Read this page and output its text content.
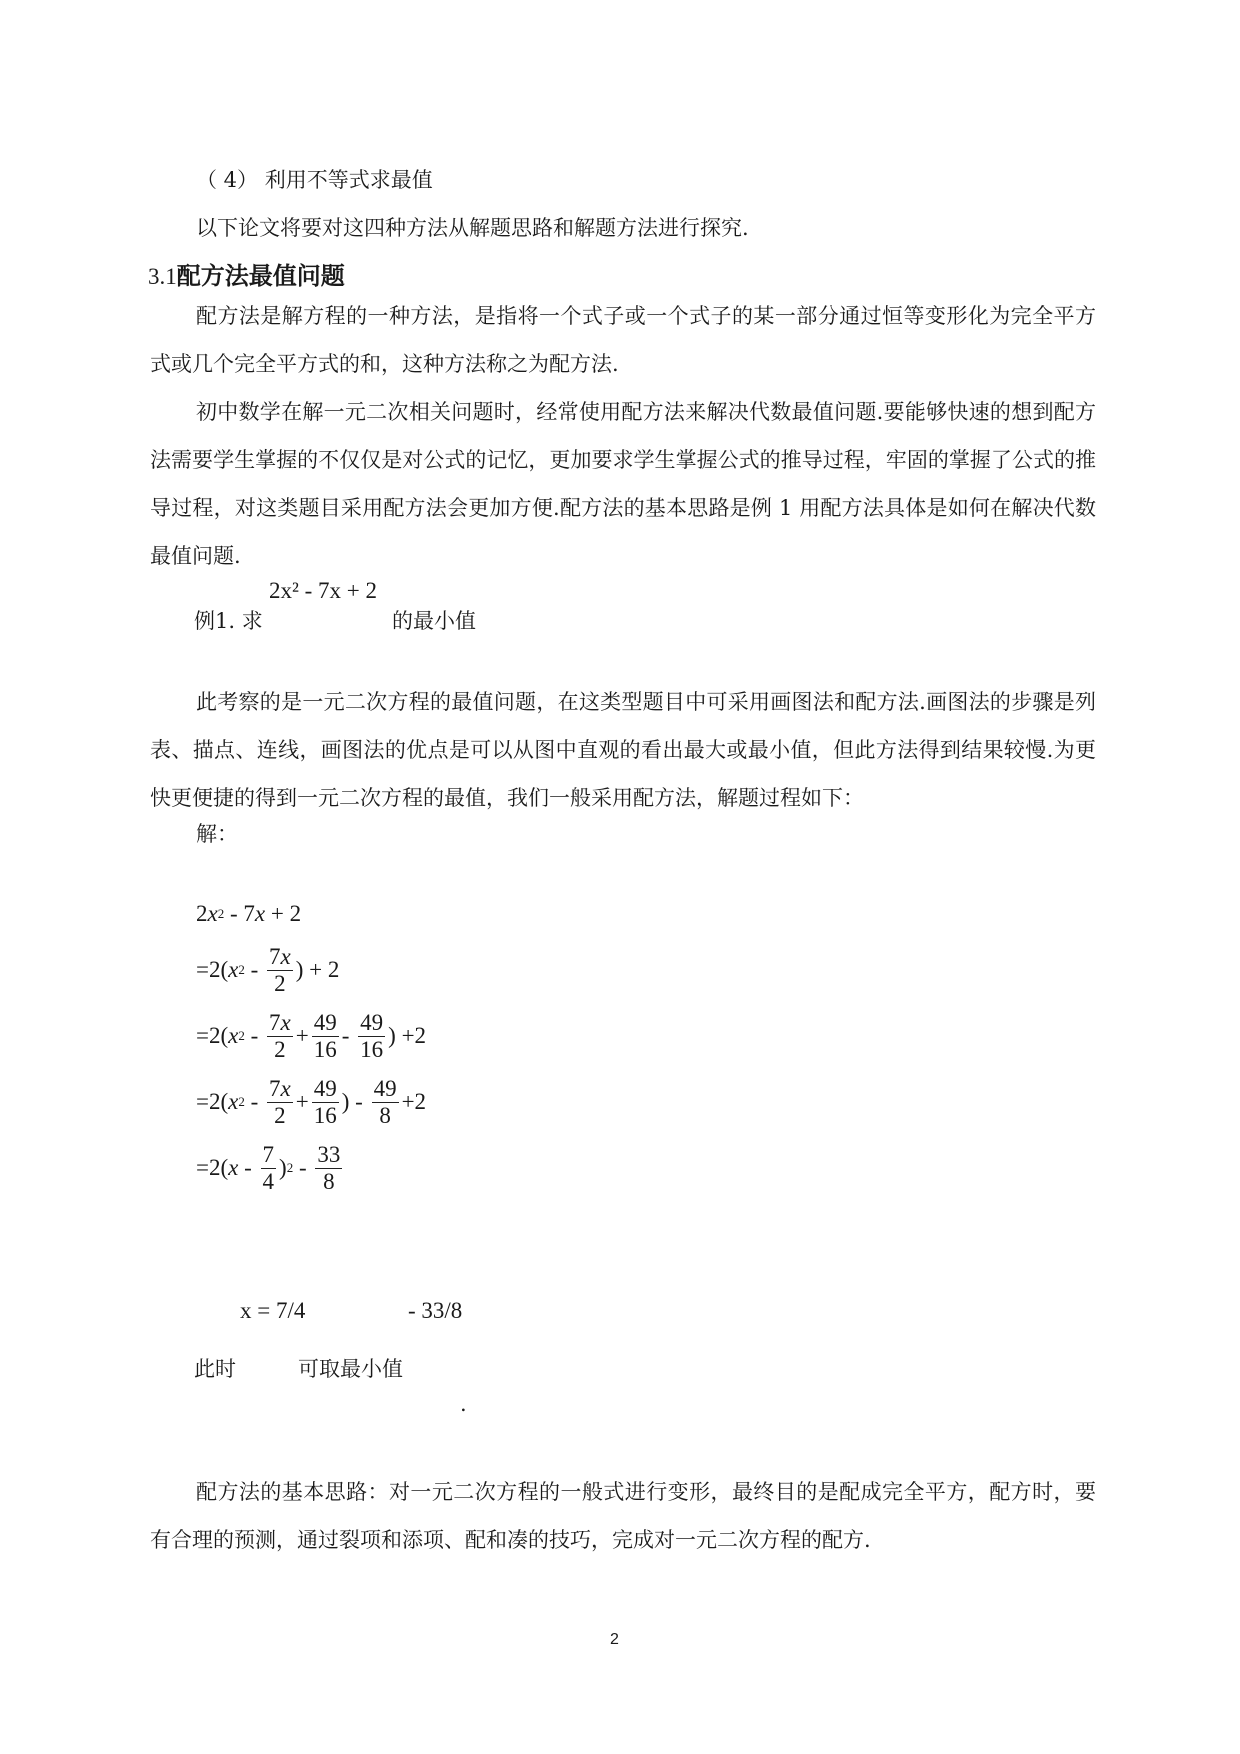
（ 4） 利用不等式求最值
以下论文将要对这四种方法从解题思路和解题方法进行探究.
3.1配方法最值问题
配方法是解方程的一种方法，是指将一个式子或一个式子的某一部分通过恒等变形化为完全平方式或几个完全平方式的和，这种方法称之为配方法.
初中数学在解一元二次相关问题时，经常使用配方法来解决代数最值问题.要能够快速的想到配方法需要学生掌握的不仅仅是对公式的记忆，更加要求学生掌握公式的推导过程，牢固的掌握了公式的推导过程，对这类题目采用配方法会更加方便.配方法的基本思路是例 1 用配方法具体是如何在解决代数最值问题.
例1. 求
2x² - 7x + 2
的最小值
此考察的是一元二次方程的最值问题，在这类型题目中可采用画图法和配方法.画图法的步骤是列表、描点、连线，画图法的优点是可以从图中直观的看出最大或最小值，但此方法得到结果较慢.为更快更便捷的得到一元二次方程的最值，我们一般采用配方法，解题过程如下：
解：
2 x 2 - 7 x + 2
=2( x $2 - \frac{7x}{2}$ ) + 2
=2( x $2 - \frac{7x}{2} + \frac{49}{16} - \frac{49}{16}$ ) +2
=2( x $2 - \frac{7x}{2} + \frac{49}{16}$ ) - $\frac{49}{8} +2$
=2( x - $\frac{7}{4}$ ) $2 - \frac{33}{8}$
x = 7/4	- 33/8
此时	可取最小值
.
配方法的基本思路：对一元二次方程的一般式进行变形，最终目的是配成完全平方，配方时，要有合理的预测，通过裂项和添项、配和凑的技巧，完成对一元二次方程的配方.
2
